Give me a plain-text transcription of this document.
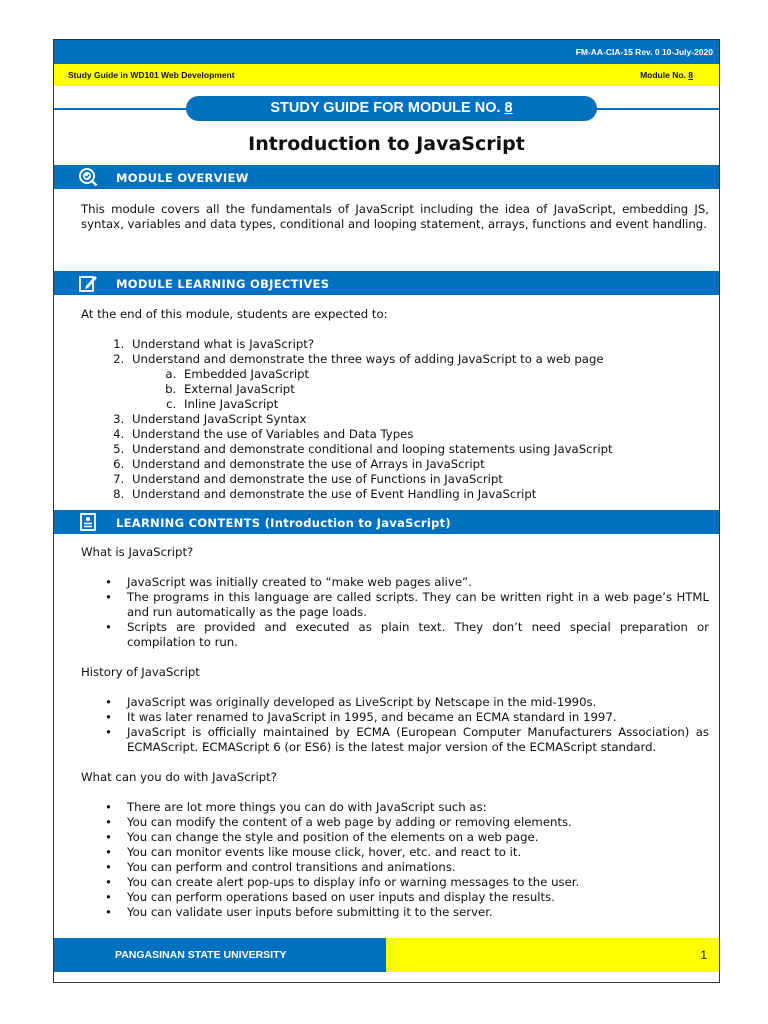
FM-AA-CIA-15 Rev. 0 10-July-2020
Study Guide in WD101 Web Development	Module No. 8
STUDY GUIDE FOR MODULE NO. 8
Introduction to JavaScript
MODULE OVERVIEW

This module covers all the fundamentals of JavaScript including the idea of JavaScript, embedding JS, syntax, variables and data types, conditional and looping statement, arrays, functions and event handling.

MODULE LEARNING OBJECTIVES

At the end of this module, students are expected to:

1. Understand what is JavaScript?
2. Understand and demonstrate the three ways of adding JavaScript to a web page
a. Embedded JavaScript
b. External JavaScript
c. Inline JavaScript
3. Understand JavaScript Syntax
4. Understand the use of Variables and Data Types
5. Understand and demonstrate conditional and looping statements using JavaScript
6. Understand and demonstrate the use of Arrays in JavaScript
7. Understand and demonstrate the use of Functions in JavaScript
8. Understand and demonstrate the use of Event Handling in JavaScript
LEARNING CONTENTS (Introduction to JavaScript)

What is JavaScript?

• JavaScript was initially created to “make web pages alive”.
• The programs in this language are called scripts. They can be written right in a web page’s HTML and run automatically as the page loads.
• Scripts are provided and executed as plain text. They don’t need special preparation or compilation to run.

History of JavaScript

• JavaScript was originally developed as LiveScript by Netscape in the mid-1990s.
• It was later renamed to JavaScript in 1995, and became an ECMA standard in 1997.
• JavaScript is officially maintained by ECMA (European Computer Manufacturers Association) as ECMAScript. ECMAScript 6 (or ES6) is the latest major version of the ECMAScript standard.

What can you do with JavaScript?

• There are lot more things you can do with JavaScript such as:
• You can modify the content of a web page by adding or removing elements.
• You can change the style and position of the elements on a web page.
• You can monitor events like mouse click, hover, etc. and react to it.
• You can perform and control transitions and animations.
• You can create alert pop-ups to display info or warning messages to the user.
• You can perform operations based on user inputs and display the results.
• You can validate user inputs before submitting it to the server.
PANGASINAN STATE UNIVERSITY	1
